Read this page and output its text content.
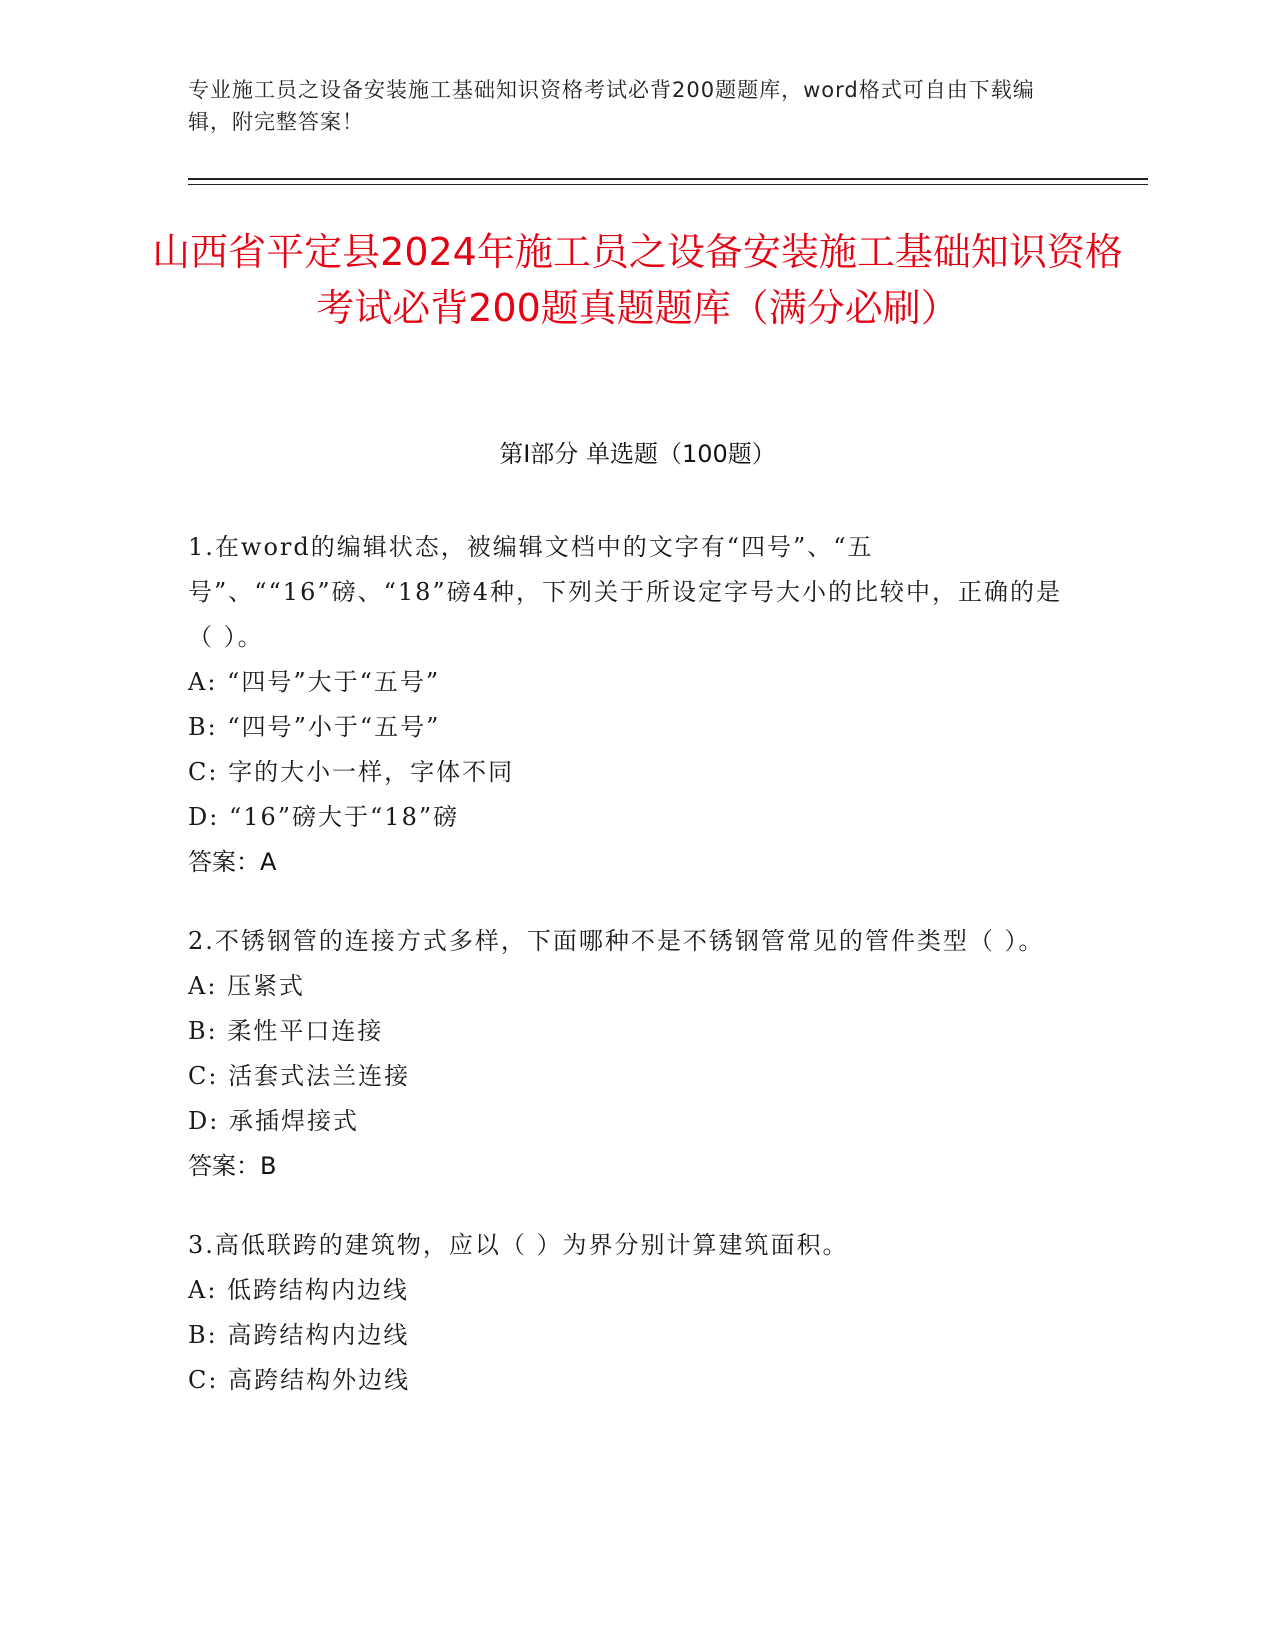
专业施工员之设备安装施工基础知识资格考试必背200题题库，word格式可自由下载编辑，附完整答案！
山西省平定县2024年施工员之设备安装施工基础知识资格考试必背200题真题题库（满分必刷）
第Ⅰ部分 单选题（100题）
1.在word的编辑状态，被编辑文档中的文字有“四号”、“五号”、““16”磅、“18”磅4种，下列关于所设定字号大小的比较中，正确的是（ ）。
A: “四号”大于“五号”
B: “四号”小于“五号”
C: 字的大小一样，字体不同
D: “16”磅大于“18”磅
答案：A
2.不锈钢管的连接方式多样，下面哪种不是不锈钢管常见的管件类型（ ）。
A: 压紧式
B: 柔性平口连接
C: 活套式法兰连接
D: 承插焊接式
答案：B
3.高低联跨的建筑物，应以（ ）为界分别计算建筑面积。
A: 低跨结构内边线
B: 高跨结构内边线
C: 高跨结构外边线
